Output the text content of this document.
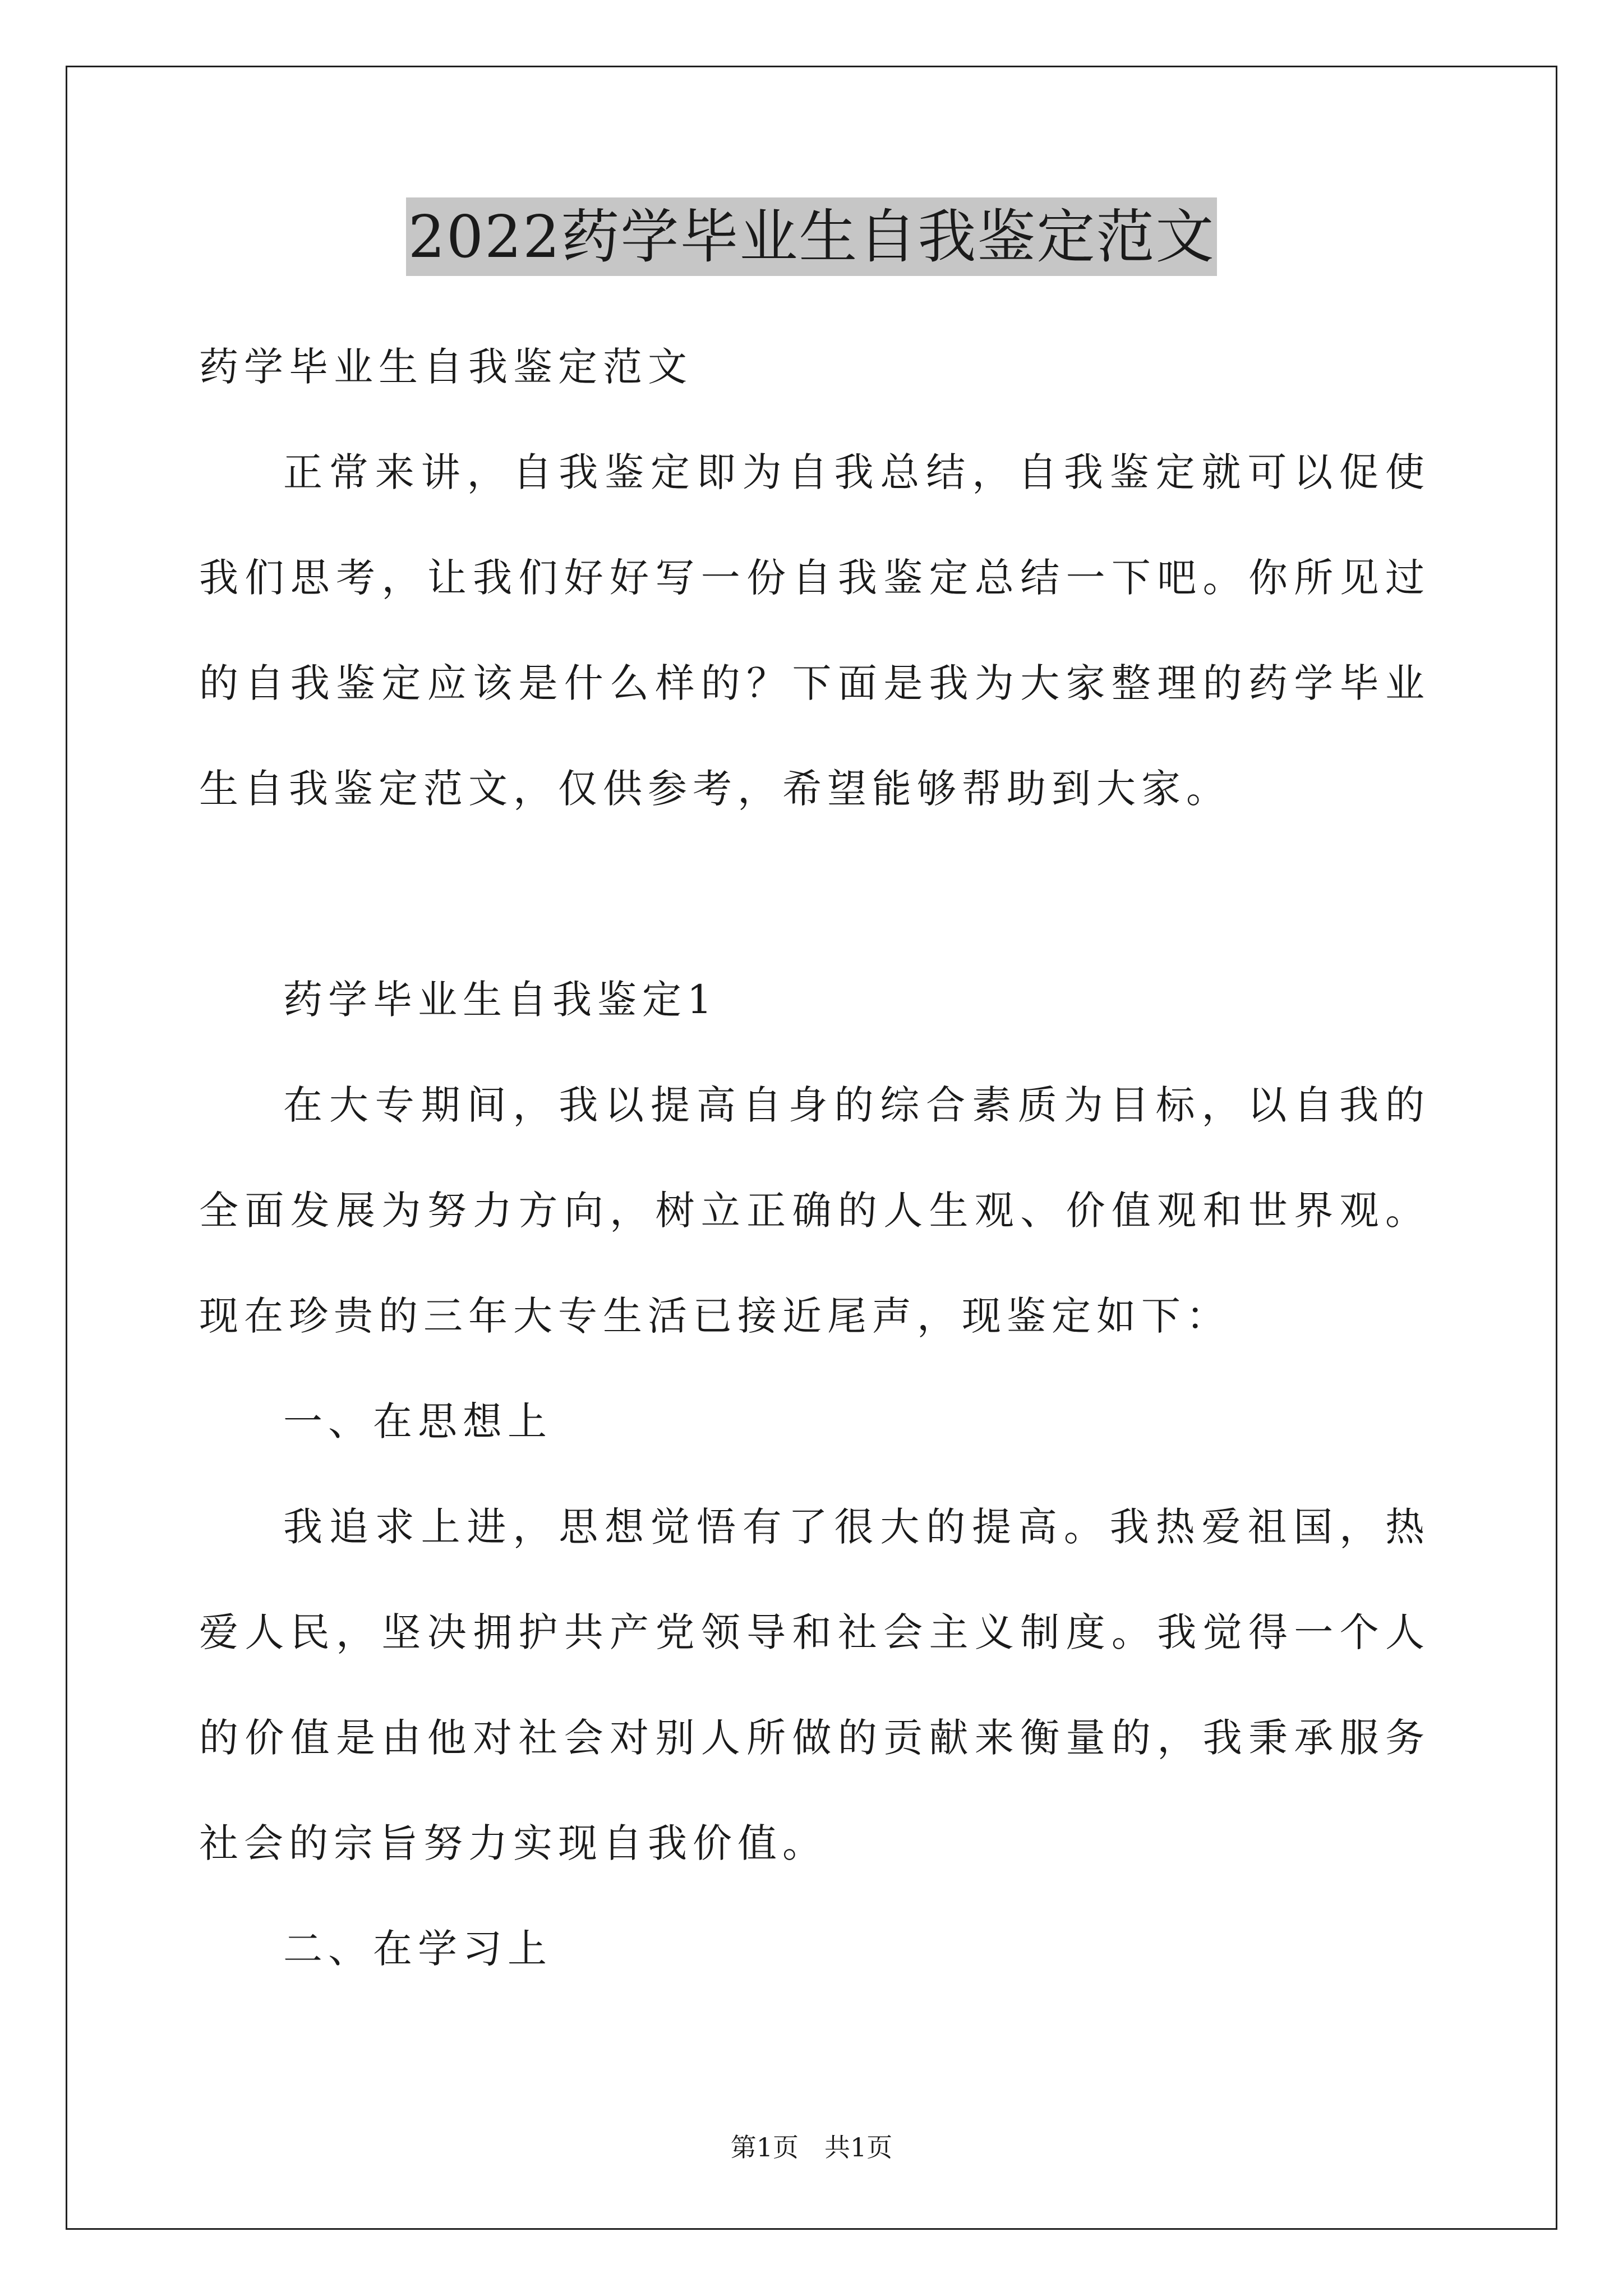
2022药学毕业生自我鉴定范文

药学毕业生自我鉴定范文

正常来讲，自我鉴定即为自我总结，自我鉴定就可以促使我们思考，让我们好好写一份自我鉴定总结一下吧。你所见过的自我鉴定应该是什么样的？下面是我为大家整理的药学毕业生自我鉴定范文，仅供参考，希望能够帮助到大家。

药学毕业生自我鉴定1

在大专期间，我以提高自身的综合素质为目标，以自我的全面发展为努力方向，树立正确的人生观、价值观和世界观。现在珍贵的三年大专生活已接近尾声，现鉴定如下：

一、在思想上

我追求上进，思想觉悟有了很大的提高。我热爱祖国，热爱人民，坚决拥护共产党领导和社会主义制度。我觉得一个人的价值是由他对社会对别人所做的贡献来衡量的，我秉承服务社会的宗旨努力实现自我价值。

二、在学习上

第1页　共1页
